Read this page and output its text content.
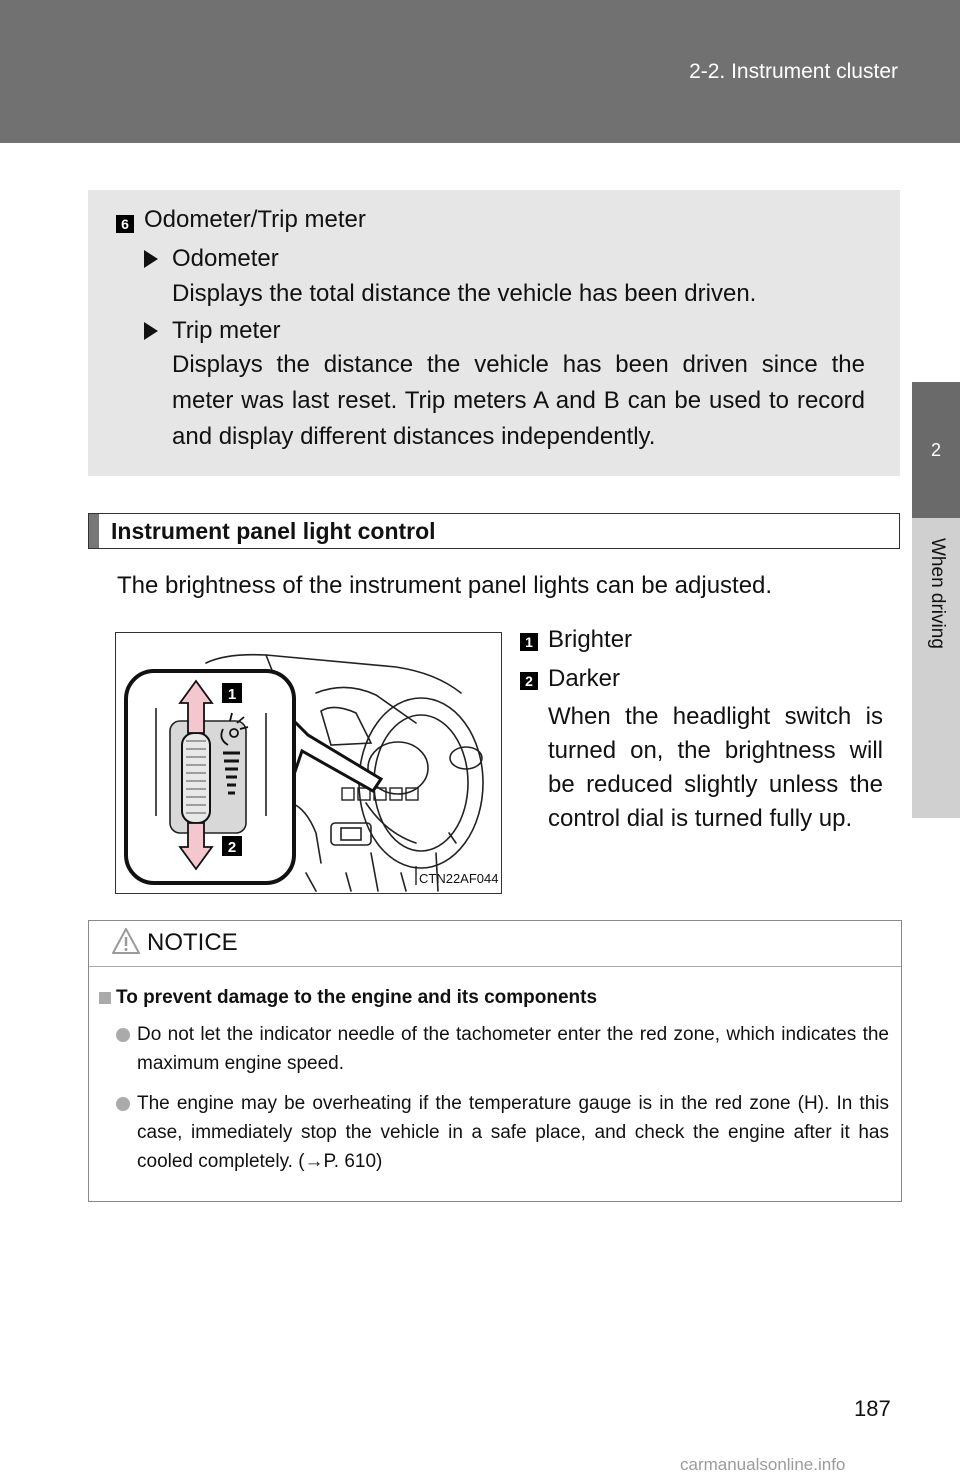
2-2. Instrument cluster
2
When driving
6 Odometer/Trip meter
Odometer
Displays the total distance the vehicle has been driven.
Trip meter
Displays the distance the vehicle has been driven since the meter was last reset. Trip meters A and B can be used to record and display different distances independently.
Instrument panel light control
The brightness of the instrument panel lights can be adjusted.
1
2
CTN22AF044
1 Brighter
2 Darker
When the headlight switch is turned on, the brightness will be reduced slightly unless the control dial is turned fully up.
NOTICE
To prevent damage to the engine and its components
Do not let the indicator needle of the tachometer enter the red zone, which indicates the maximum engine speed.
The engine may be overheating if the temperature gauge is in the red zone (H). In this case, immediately stop the vehicle in a safe place, and check the engine after it has cooled completely. (→P. 610)
187
carmanualsonline.info
